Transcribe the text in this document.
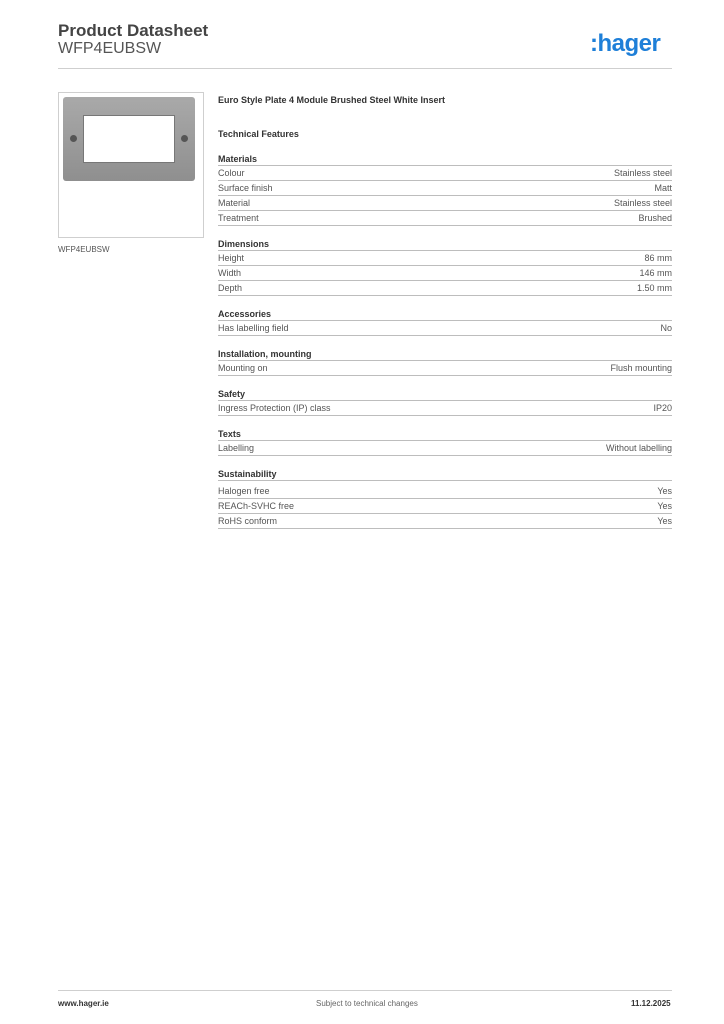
Product Datasheet
WFP4EUBSW	:hager
WFP4EUBSW
Euro Style Plate 4 Module Brushed Steel White Insert
Technical Features
Materials
Colour	Stainless steel
Surface finish	Matt
Material	Stainless steel
Treatment	Brushed
Dimensions
Height	86 mm
Width	146 mm
Depth	1.50 mm
Accessories
Has labelling field	No
Installation, mounting
Mounting on	Flush mounting
Safety
Ingress Protection (IP) class	IP20
Texts
Labelling	Without labelling
Sustainability
Halogen free	Yes
REACh-SVHC free	Yes
RoHS conform	Yes
www.hager.ie	Subject to technical changes	11.12.2025
